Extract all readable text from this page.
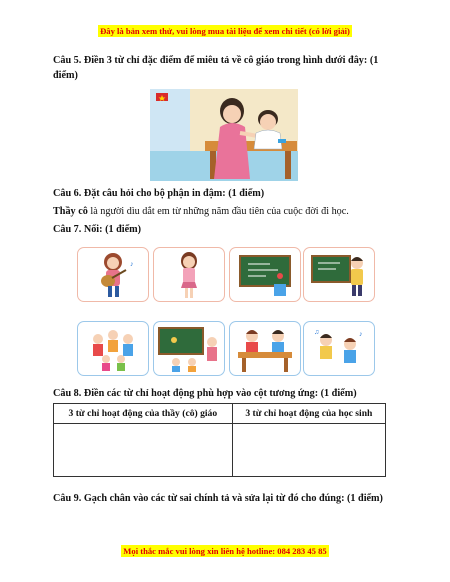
Đây là bản xem thử, vui lòng mua tài liệu để xem chi tiết (có lời giải)
Câu 5. Điền 3 từ chỉ đặc điểm để miêu tả về cô giáo trong hình dưới đây: (1 điểm)
Câu 6. Đặt câu hỏi cho bộ phận in đậm: (1 điểm)
Thầy cô là người dìu dắt em từ những năm đầu tiên của cuộc đời đi học.
Câu 7. Nối: (1 điểm)
♪
♪
♫
Câu 8. Điền các từ chỉ hoạt động phù hợp vào cột tương ứng: (1 điểm)
3 từ chỉ hoạt động của thầy (cô) giáo	3 từ chỉ hoạt động của học sinh

Câu 9. Gạch chân vào các từ sai chính tả và sửa lại từ đó cho đúng: (1 điểm)
Mọi thắc mắc vui lòng xin liên hệ hotline: 084 283 45 85
